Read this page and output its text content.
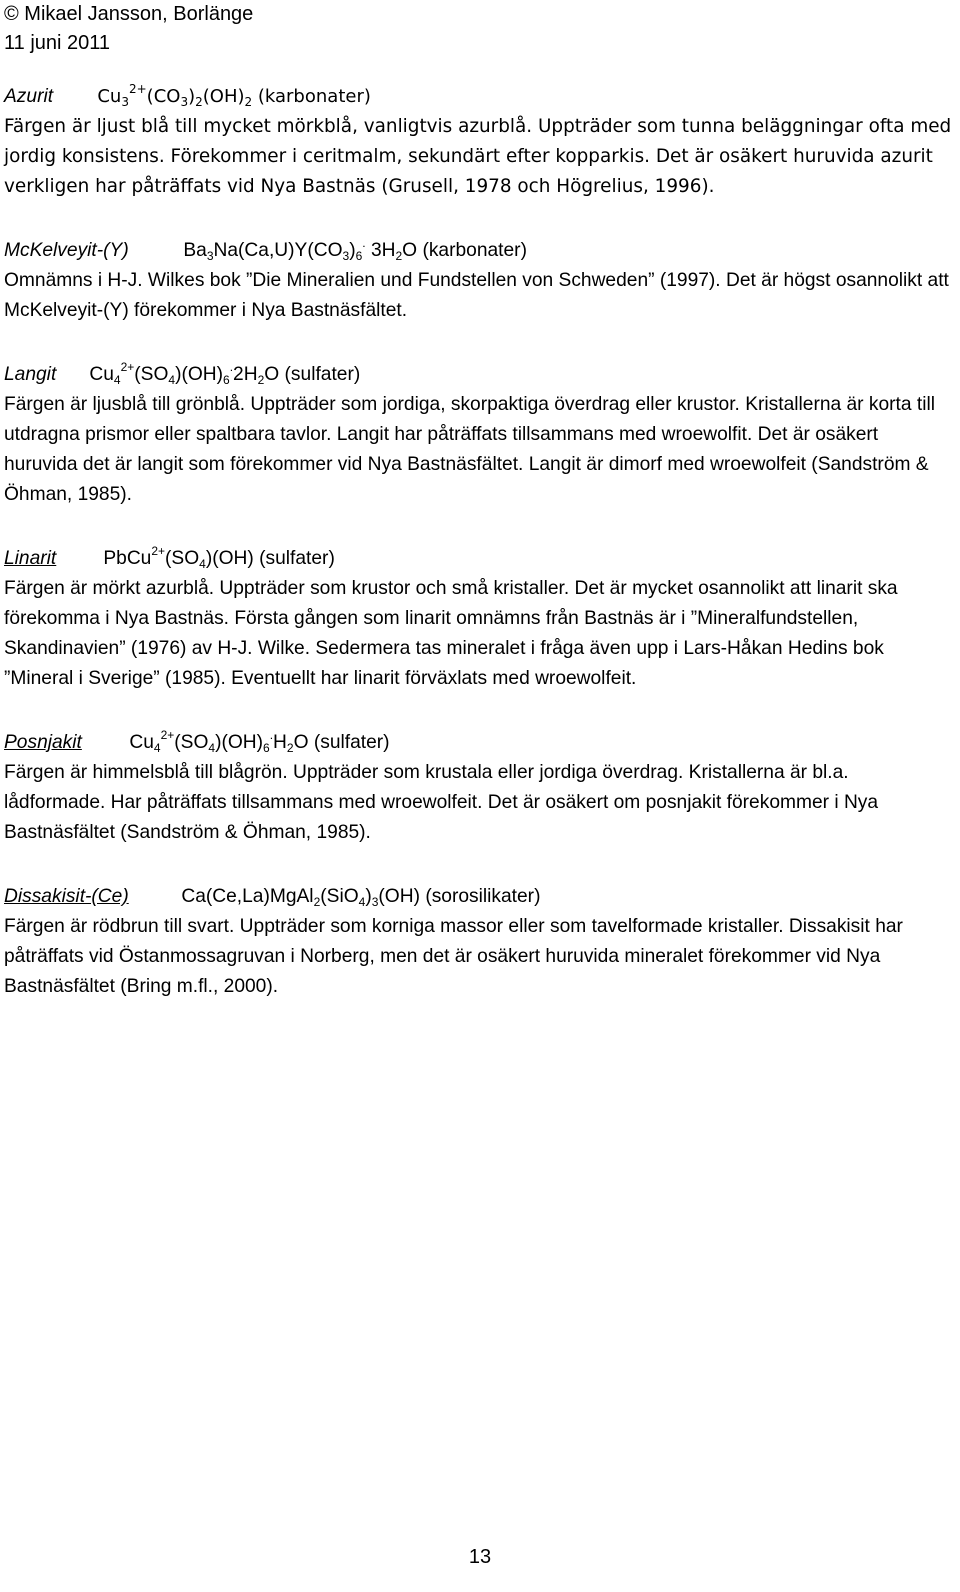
© Mikael Jansson, Borlänge
11 juni 2011
Azurit $Cu_3^{2+}(CO_3)_2(OH)_2$ (karbonater)

Färgen är ljust blå till mycket mörkblå, vanligtvis azurblå. Uppträder som tunna beläggningar ofta med jordig konsistens. Förekommer i ceritmalm, sekundärt efter kopparkis. Det är osäkert huruvida azurit verkligen har påträffats vid Nya Bastnäs (Grusell, 1978 och Högrelius, 1996).

McKelveyit-(Y)	$Ba_3Na(Ca,U)Y(CO_3)_6^.$ $3H_2O$ (karbonater)

Omnämns i H-J. Wilkes bok ”Die Mineralien und Fundstellen von Schweden” (1997). Det är högst osannolikt att McKelveyit-(Y) förekommer i Nya Bastnäsfältet.

Langit $Cu_4^{2+}(SO_4)(OH)_6^.2H_2O$ (sulfater)

Färgen är ljusblå till grönblå. Uppträder som jordiga, skorpaktiga överdrag eller krustor. Kristallerna är korta till utdragna prismor eller spaltbara tavlor. Langit har påträffats tillsammans med wroewolfit. Det är osäkert huruvida det är langit som förekommer vid Nya Bastnäsfältet. Langit är dimorf med wroewolfeit (Sandström & Öhman, 1985).

Linarit $PbCu^{2+}(SO_4)(OH)$ (sulfater)

Färgen är mörkt azurblå. Uppträder som krustor och små kristaller. Det är mycket osannolikt att linarit ska förekomma i Nya Bastnäs. Första gången som linarit omnämns från Bastnäs är i ”Mineralfundstellen, Skandinavien” (1976) av H-J. Wilke. Sedermera tas mineralet i fråga även upp i Lars-Håkan Hedins bok ”Mineral i Sverige” (1985). Eventuellt har linarit förväxlats med wroewolfeit.

Posnjakit $Cu_4^{2+}(SO_4)(OH)_6^.H_2O$ (sulfater)

Färgen är himmelsblå till blågrön. Uppträder som krustala eller jordiga överdrag. Kristallerna är bl.a. lådformade. Har påträffats tillsammans med wroewolfeit. Det är osäkert om posnjakit förekommer i Nya Bastnäsfältet (Sandström & Öhman, 1985).

Dissakisit-(Ce)	$Ca(Ce,La)MgAl_2(SiO_4)_3(OH)$ (sorosilikater)

Färgen är rödbrun till svart. Uppträder som korniga massor eller som tavelformade kristaller. Dissakisit har påträffats vid Östanmossagruvan i Norberg, men det är osäkert huruvida mineralet förekommer vid Nya Bastnäsfältet (Bring m.fl., 2000).

13
